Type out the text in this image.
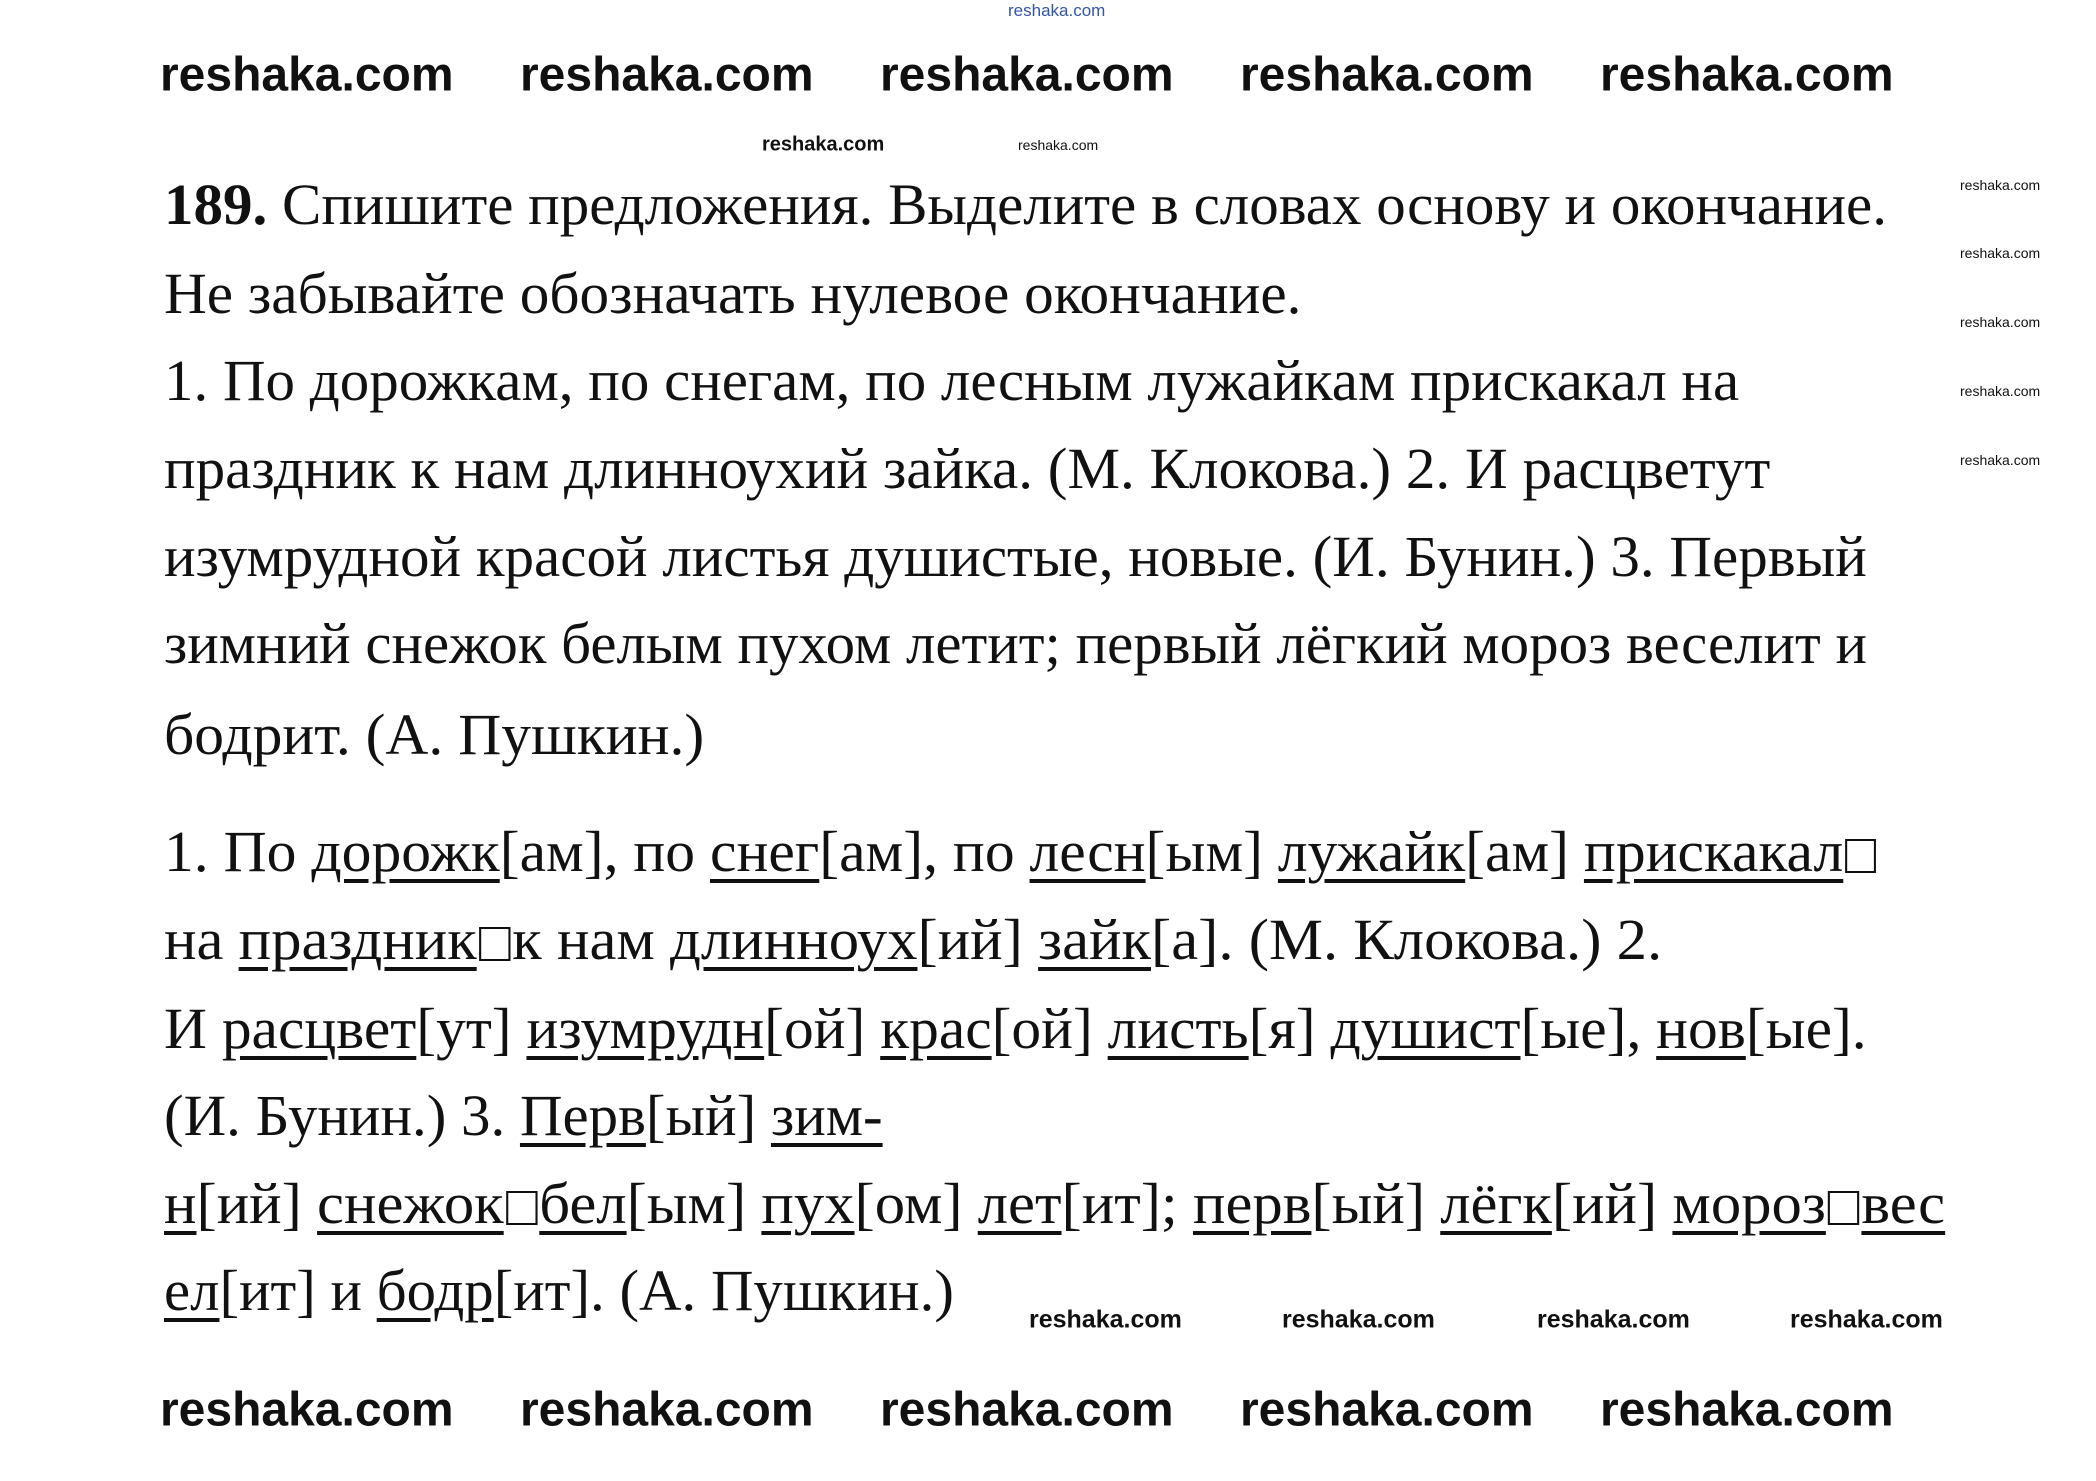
189. Спишите предложения. Выделите в словах основу и окончание.
Не забывайте обозначать нулевое окончание.
1. По дорожкам, по снегам, по лесным лужайкам прискакал на
праздник к нам длинноухий зайка. (М. Клокова.) 2. И расцветут
изумрудной красой листья душистые, новые. (И. Бунин.) 3. Первый
зимний снежок белым пухом летит; первый лёгкий мороз веселит и
бодрит. (А. Пушкин.)
1. По дорожк[ам], по снег[ам], по лесн[ым] лужайк[ам] прискакал
на праздник к нам длинноух[ий] зайк[а]. (М. Клокова.) 2.
И расцвет[ут] изумрудн[ой] крас[ой] листь[я] душист[ые], нов[ые].
(И. Бунин.) 3. Перв[ый] зим-
н[ий] снежок бел[ым] пух[ом] лет[ит]; перв[ый] лёгк[ий] мороз вес
ел[ит] и бодр[ит]. (А. Пушкин.)
reshaka.com
reshaka.com reshaka.com	reshaka.com reshaka.com
reshaka.com
reshaka.com reshaka.com reshaka.com reshaka.com reshaka.com
reshaka.com	reshaka.com
reshaka.com
reshaka.com
reshaka.com
reshaka.com
reshaka.com
reshaka.com	reshaka.com	reshaka.com	reshaka.com
